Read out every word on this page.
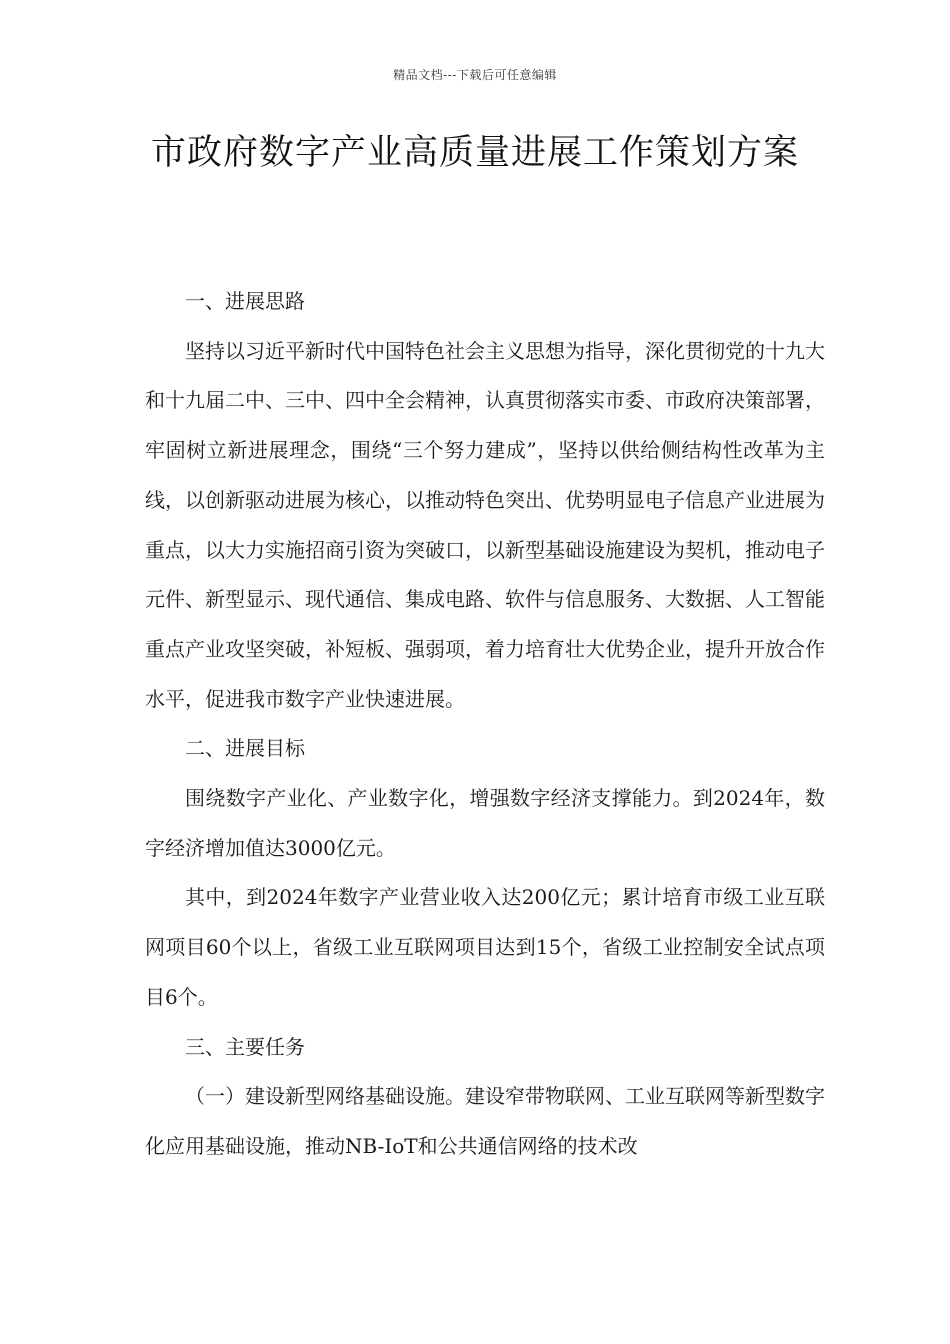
精品文档---下载后可任意编辑
市政府数字产业高质量进展工作策划方案

一、进展思路

坚持以习近平新时代中国特色社会主义思想为指导，深化贯彻党的十九大和十九届二中、三中、四中全会精神，认真贯彻落实市委、市政府决策部署，牢固树立新进展理念，围绕“三个努力建成”，坚持以供给侧结构性改革为主线，以创新驱动进展为核心，以推动特色突出、优势明显电子信息产业进展为重点，以大力实施招商引资为突破口，以新型基础设施建设为契机，推动电子元件、新型显示、现代通信、集成电路、软件与信息服务、大数据、人工智能重点产业攻坚突破，补短板、强弱项，着力培育壮大优势企业，提升开放合作水平，促进我市数字产业快速进展。

二、进展目标

围绕数字产业化、产业数字化，增强数字经济支撑能力。到2024年，数字经济增加值达3000亿元。

其中，到2024年数字产业营业收入达200亿元；累计培育市级工业互联网项目60个以上，省级工业互联网项目达到15个，省级工业控制安全试点项目6个。

三、主要任务

（一）建设新型网络基础设施。建设窄带物联网、工业互联网等新型数字化应用基础设施，推动NB-IoT和公共通信网络的技术改
